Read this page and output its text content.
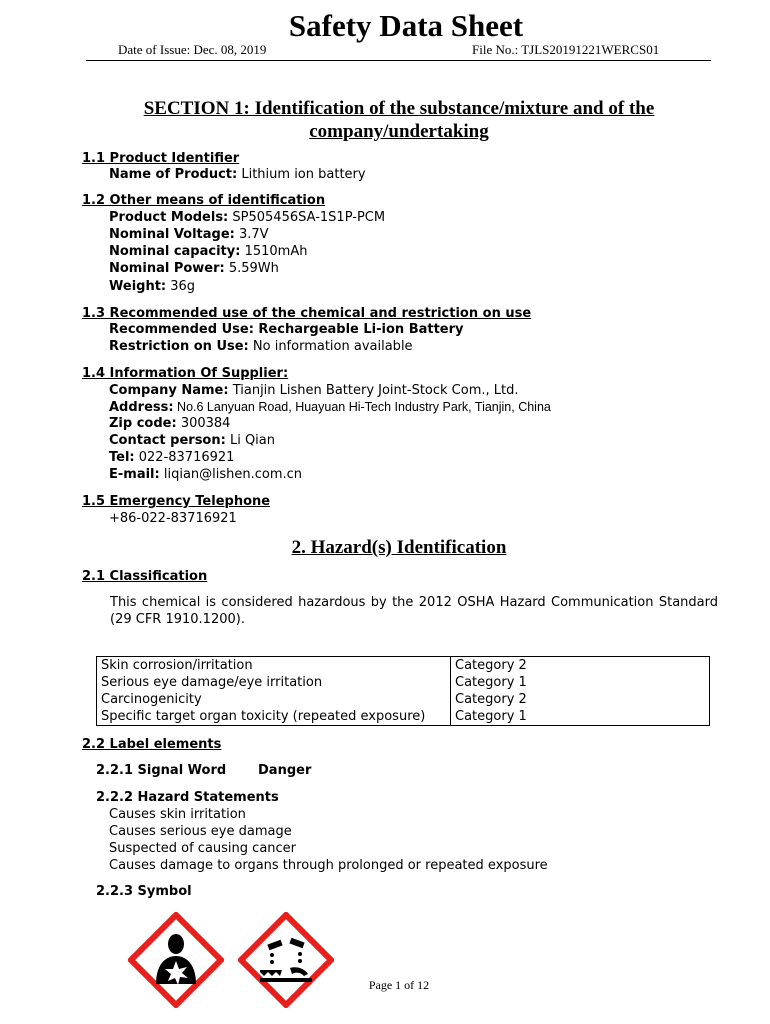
Safety Data Sheet
Date of Issue: Dec. 08, 2019	File No.: TJLS20191221WERCS01
SECTION 1: Identification of the substance/mixture and of the company/undertaking
1.1 Product Identifier
Name of Product: Lithium ion battery
1.2 Other means of identification
Product Models: SP505456SA-1S1P-PCM
Nominal Voltage: 3.7V
Nominal capacity: 1510mAh
Nominal Power: 5.59Wh
Weight: 36g
1.3 Recommended use of the chemical and restriction on use
Recommended Use: Rechargeable Li-ion Battery
Restriction on Use: No information available
1.4 Information Of Supplier:
Company Name: Tianjin Lishen Battery Joint-Stock Com., Ltd.
Address: No.6 Lanyuan Road, Huayuan Hi-Tech Industry Park, Tianjin, China
Zip code: 300384
Contact person: Li Qian
Tel: 022-83716921
E-mail: liqian@lishen.com.cn
1.5 Emergency Telephone
+86-022-83716921
2. Hazard(s) Identification
2.1 Classification
This chemical is considered hazardous by the 2012 OSHA Hazard Communication Standard (29 CFR 1910.1200).
Skin corrosion/irritation	Category 2
Serious eye damage/eye irritation	Category 1
Carcinogenicity	Category 2
Specific target organ toxicity (repeated exposure)	Category 1
2.2 Label elements
2.2.1 Signal Word Danger
2.2.2 Hazard Statements
Causes skin irritation
Causes serious eye damage
Suspected of causing cancer
Causes damage to organs through prolonged or repeated exposure
2.2.3 Symbol
Page 1 of 12
